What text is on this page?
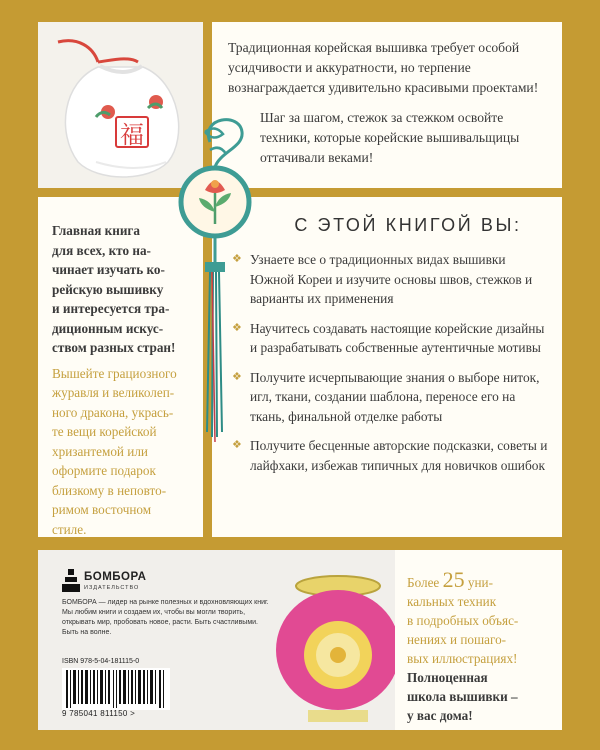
福

Традиционная корейская вышивка требует особой усидчивости и аккуратности, но терпение вознаграждается удивительно красивыми проектами!

Шаг за шагом, стежок за стежком освойте техники, которые корейские вышивальщицы оттачивали веками!

Главная книга
для всех, кто на-
чинает изучать ко-
рейскую вышивку
и интересуется тра-
диционным искус-
ством разных стран!
Вышейте грациозного
журавля и великолеп-
ного дракона, укрась-
те вещи корейской
хризантемой или
оформите подарок
близкому в неповто-
римом восточном
стиле.
С ЭТОЙ КНИГОЙ ВЫ:
❖ Узнаете все о традиционных видах вышивки Южной Кореи и изучите основы швов, стежков и варианты их применения
❖ Научитесь создавать настоящие корейские дизайны и разрабатывать собственные аутентичные мотивы
❖ Получите исчерпывающие знания о выборе ниток, игл, ткани, создании шаблона, переносе его на ткань, финальной отделке работы
❖ Получите бесценные авторские подсказки, советы и лайфхаки, избежав типичных для новичков ошибок
Более 25 уни-
кальных техник
в подробных объяс-
нениях и пошаго-
вых иллюстрациях!
Полноценная
школа вышивки –
у вас дома!
БОМБОРА
ИЗДАТЕЛЬСТВО
БОМБОРА — лидер на рынке полезных и вдохновляющих книг. Мы любим книги и создаем их, чтобы вы могли творить, открывать мир, пробовать новое, расти. Быть счастливыми. Быть на волне.
ISBN 978-5-04-181115-0
9 785041 811150 >
